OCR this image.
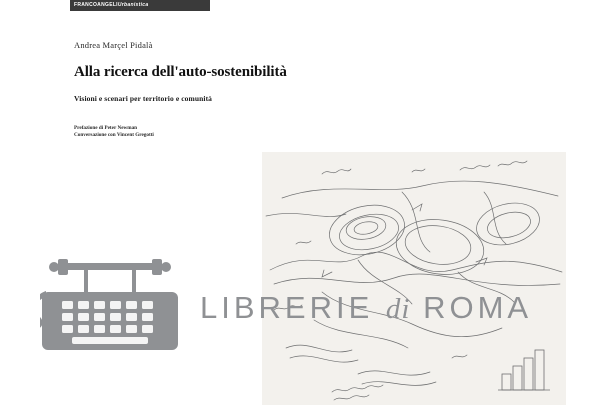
FRANCOANGELIUrbanistica
Andrea Marçel Pidalà
Alla ricerca dell'auto-sostenibilità
Visioni e scenari per territorio e comunità
Prefazione di Peter Newman
Conversazione con Vincent Gregotti
LIBRERIE di ROMA
